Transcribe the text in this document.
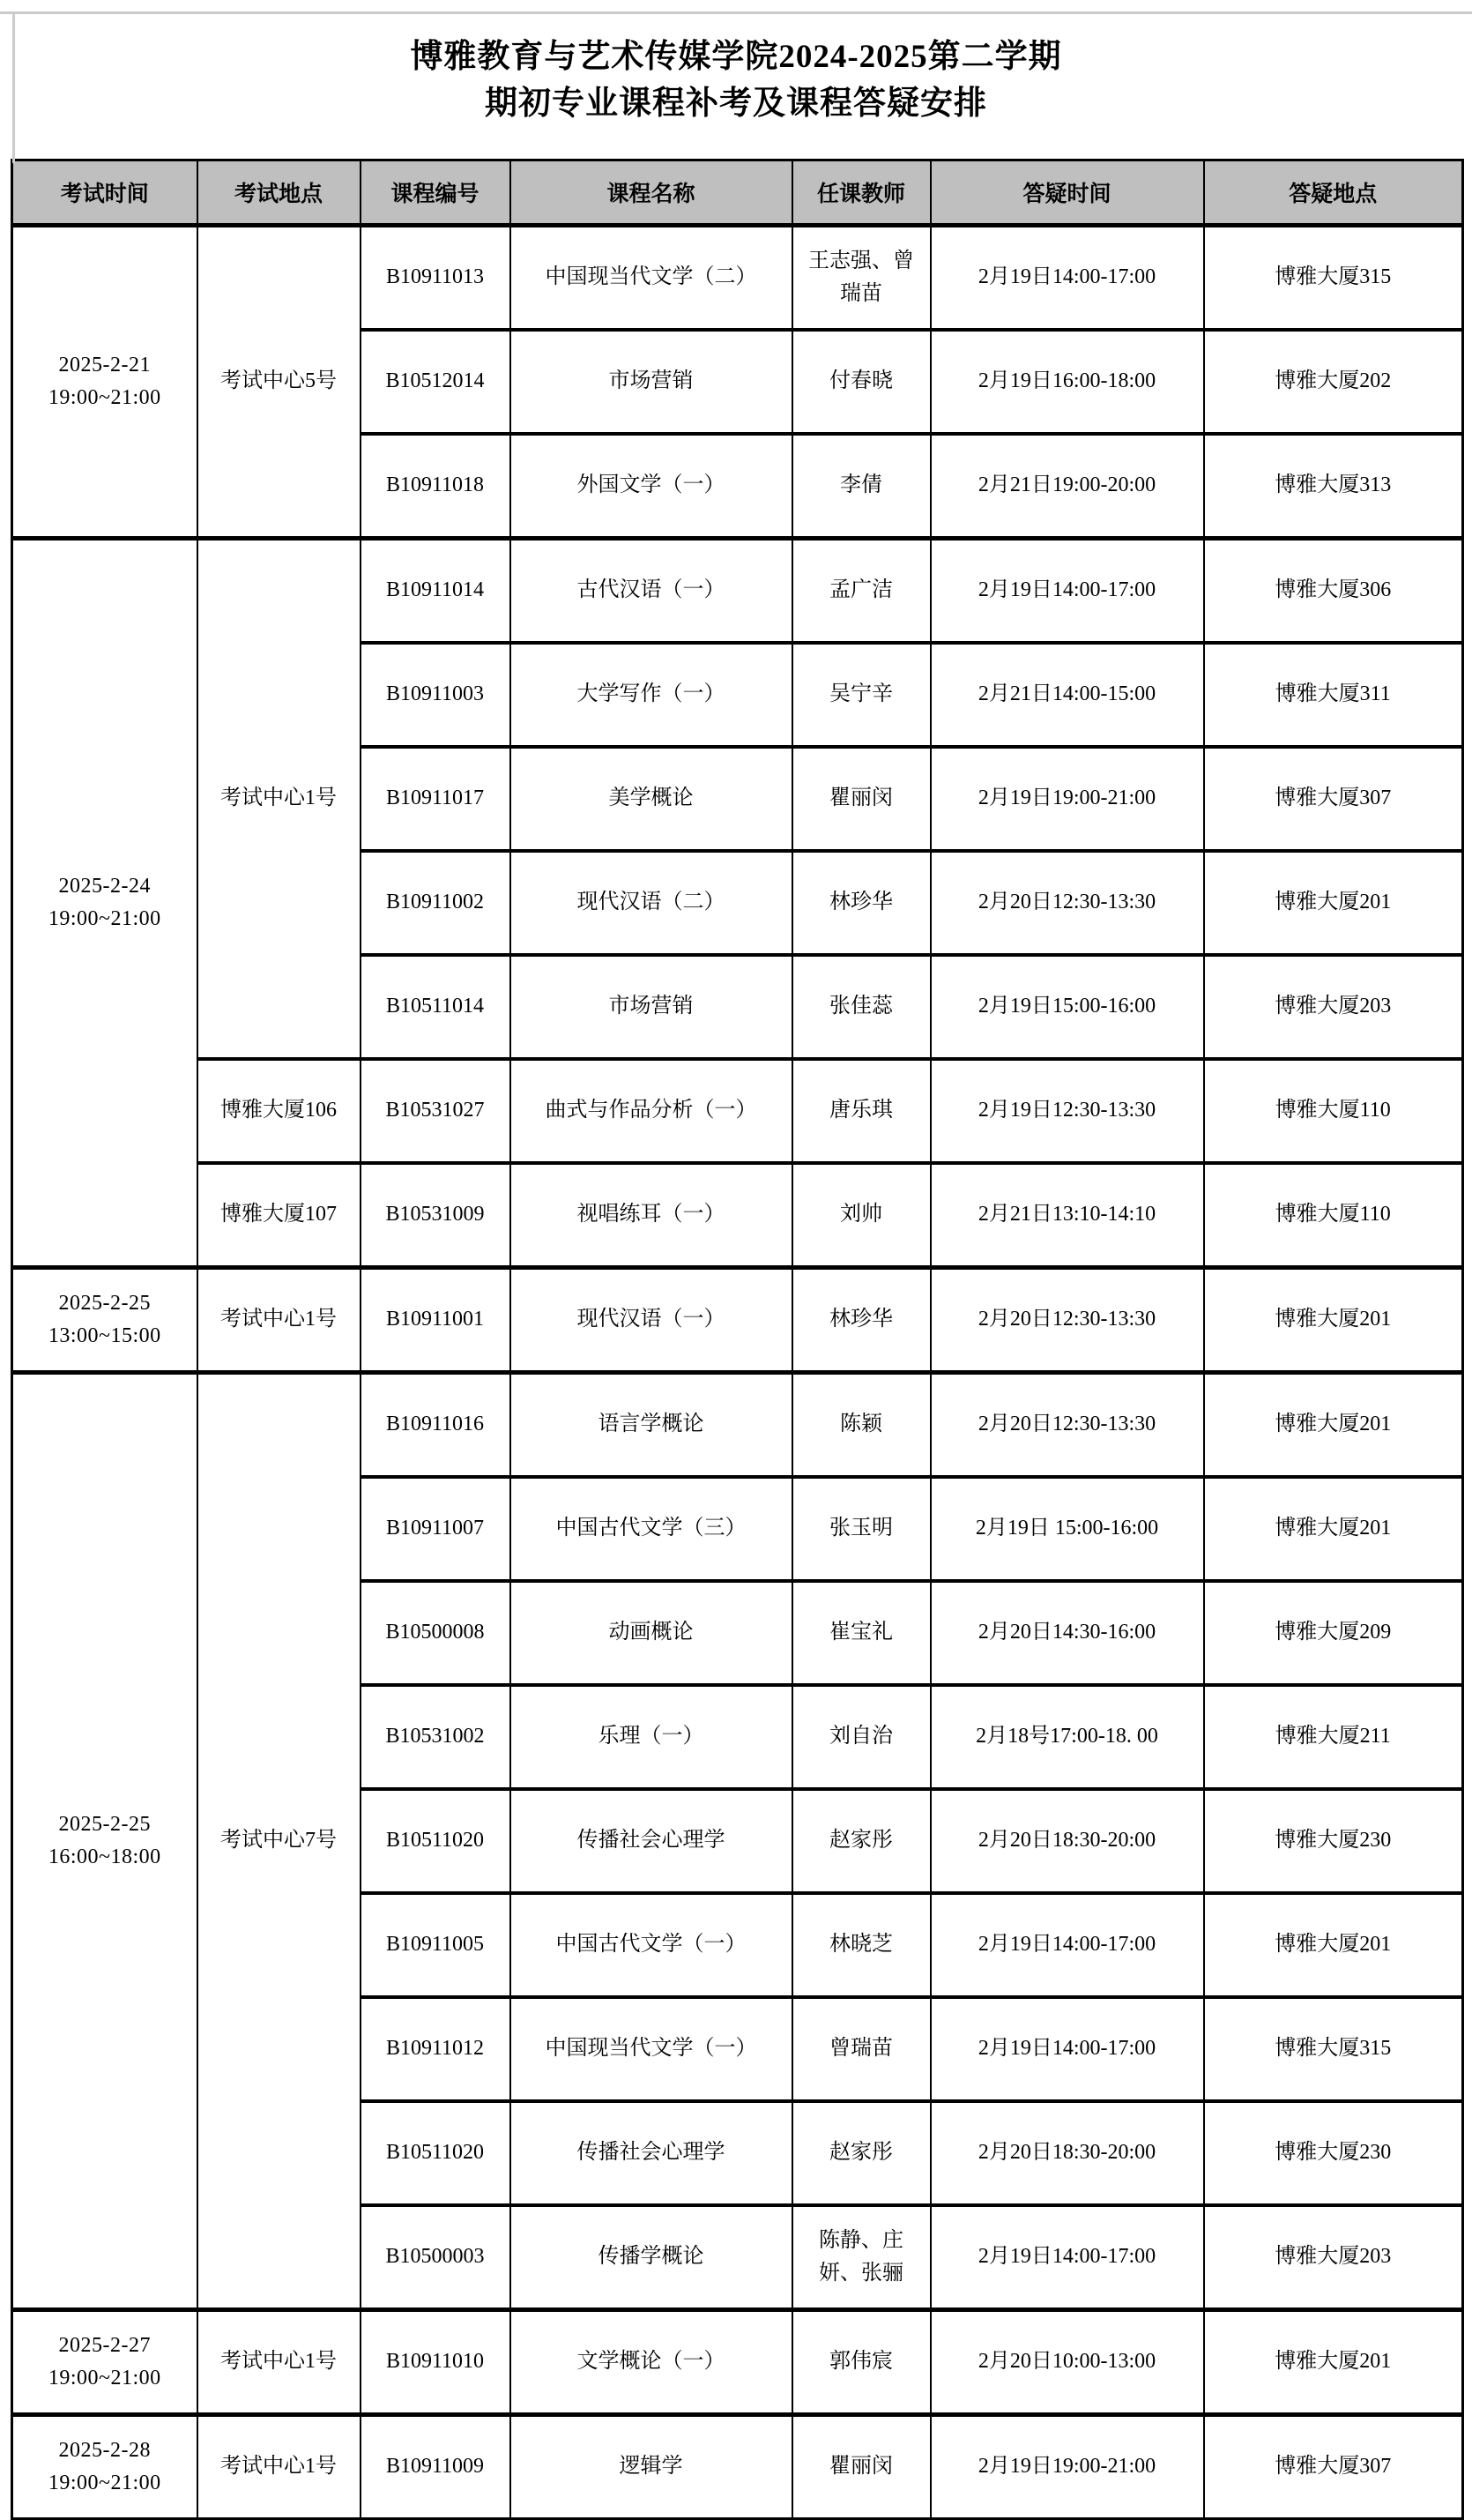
博雅教育与艺术传媒学院2024-2025第二学期
期初专业课程补考及课程答疑安排
考试时间	考试地点	课程编号	课程名称	任课教师	答疑时间	答疑地点

2025-2-21
19:00~21:00	考试中心5号	B10911013	中国现当代文学（二）	王志强、曾瑞苗	2月19日14:00-17:00	博雅大厦315
		B10512014	市场营销	付春晓	2月19日16:00-18:00	博雅大厦202
		B10911018	外国文学（一）	李倩	2月21日19:00-20:00	博雅大厦313

2025-2-24
19:00~21:00	考试中心1号	B10911014	古代汉语（一）	孟广洁	2月19日14:00-17:00	博雅大厦306
		B10911003	大学写作（一）	吴宁辛	2月21日14:00-15:00	博雅大厦311
		B10911017	美学概论	瞿丽闵	2月19日19:00-21:00	博雅大厦307
		B10911002	现代汉语（二）	林珍华	2月20日12:30-13:30	博雅大厦201
		B10511014	市场营销	张佳蕊	2月19日15:00-16:00	博雅大厦203
	博雅大厦106	B10531027	曲式与作品分析（一）	唐乐琪	2月19日12:30-13:30	博雅大厦110
	博雅大厦107	B10531009	视唱练耳（一）	刘帅	2月21日13:10-14:10	博雅大厦110

2025-2-25
13:00~15:00	考试中心1号	B10911001	现代汉语（一）	林珍华	2月20日12:30-13:30	博雅大厦201

2025-2-25
16:00~18:00	考试中心7号	B10911016	语言学概论	陈颖	2月20日12:30-13:30	博雅大厦201
		B10911007	中国古代文学（三）	张玉明	2月19日 15:00-16:00	博雅大厦201
		B10500008	动画概论	崔宝礼	2月20日14:30-16:00	博雅大厦209
		B10531002	乐理（一）	刘自治	2月18号17:00-18. 00	博雅大厦211
		B10511020	传播社会心理学	赵家彤	2月20日18:30-20:00	博雅大厦230
		B10911005	中国古代文学（一）	林晓芝	2月19日14:00-17:00	博雅大厦201
		B10911012	中国现当代文学（一）	曾瑞苗	2月19日14:00-17:00	博雅大厦315
		B10511020	传播社会心理学	赵家彤	2月20日18:30-20:00	博雅大厦230
		B10500003	传播学概论	陈静、庄妍、张骊	2月19日14:00-17:00	博雅大厦203

2025-2-27
19:00~21:00	考试中心1号	B10911010	文学概论（一）	郭伟宸	2月20日10:00-13:00	博雅大厦201

2025-2-28
19:00~21:00	考试中心1号	B10911009	逻辑学	瞿丽闵	2月19日19:00-21:00	博雅大厦307
